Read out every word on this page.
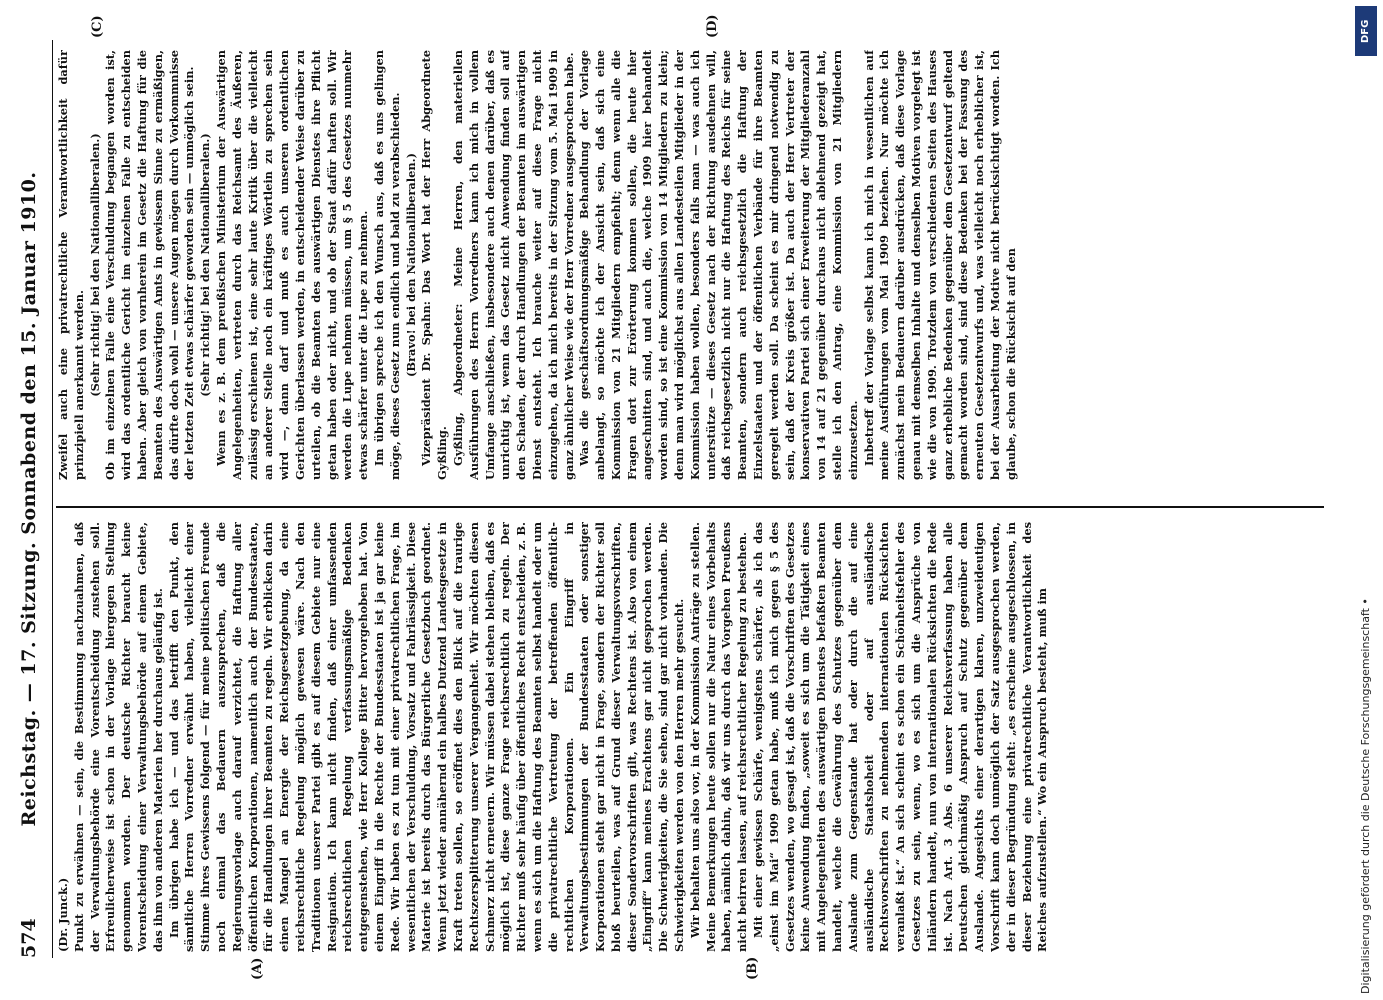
574
Reichstag. — 17. Sitzung. Sonnabend den 15. Januar 1910.
(A)	(B)
(C)	(D)

(Dr. Junck.) Punkt zu erwähnen — sein, die Bestimmung nachzuahmen, daß der Verwaltungsbehörde eine Vorentscheidung zustehen soll. Erfreulicherweise ist schon in der Vorlage hiergegen Stellung genommen worden. Der deutsche Richter braucht keine Vorentscheidung einer Verwaltungsbehörde auf einem Gebiete, das ihm von anderen Materien her durchaus geläufig ist. Im übrigen habe ich — und das betrifft den Punkt, den sämtliche Herren Vorredner erwähnt haben, vielleicht einer Stimme ihres Gewissens folgend — für meine politischen Freunde noch einmal das Bedauern auszusprechen, daß die Regierungsvorlage auch darauf verzichtet, die Haftung aller öffentlichen Korporationen, namentlich auch der Bundesstaaten, für die Handlungen ihrer Beamten zu regeln. Wir erblicken darin einen Mangel an Energie der Reichsgesetzgebung, da eine reichsrechtliche Regelung möglich gewesen wäre. Nach den Traditionen unserer Partei gibt es auf diesem Gebiete nur eine Resignation. Ich kann nicht finden, daß einer umfassenden reichsrechtlichen Regelung verfassungsmäßige Bedenken entgegenstehen, wie Herr Kollege Bitter hervorgehoben hat. Von einem Eingriff in die Rechte der Bundesstaaten ist ja gar keine Rede. Wir haben es zu tun mit einer privatrechtlichen Frage, im wesentlichen der Verschuldung, Vorsatz und Fahrlässigkeit. Diese Materie ist bereits durch das Bürgerliche Gesetzbuch geordnet. Wenn jetzt wieder annähernd ein halbes Dutzend Landesgesetze in Kraft treten sollen, so eröffnet dies den Blick auf die traurige Rechtszersplitterung unserer Vergangenheit. Wir möchten diesen Schmerz nicht erneuern. Wir müssen dabei stehen bleiben, daß es möglich ist, diese ganze Frage reichsrechtlich zu regeln. Der Richter muß sehr häufig über öffentliches Recht entscheiden, z. B. wenn es sich um die Haftung des Beamten selbst handelt oder um die privatrechtliche Vertretung der betreffenden öffentlich-rechtlichen Korporationen. Ein Eingriff in Verwaltungsbestimmungen der Bundesstaaten oder sonstiger Korporationen steht gar nicht in Frage, sondern der Richter soll bloß beurteilen, was auf Grund dieser Verwaltungsvorschriften, dieser Sondervorschriften gilt, was Rechtens ist. Also von einem „Eingriff“ kann meines Erachtens gar nicht gesprochen werden. Die Schwierigkeiten, die Sie sehen, sind gar nicht vorhanden. Die Schwierigkeiten werden von den Herren mehr gesucht. Wir behalten uns also vor, in der Kommission Anträge zu stellen. Meine Bemerkungen heute sollen nur die Natur eines Vorbehalts haben, nämlich dahin, daß wir uns durch das Vorgehen Preußens nicht beirren lassen, auf reichsrechtlicher Regelung zu bestehen. Mit einer gewissen Schärfe, wenigstens schärfer, als ich das „einst im Mai“ 1909 getan habe, muß ich mich gegen § 5 des Gesetzes wenden, wo gesagt ist, daß die Vorschriften des Gesetzes keine Anwendung finden, „soweit es sich um die Tätigkeit eines mit Angelegenheiten des auswärtigen Dienstes befaßten Beamten handelt, welche die Gewährung des Schutzes gegenüber dem Auslande zum Gegenstande hat oder durch die auf eine ausländische Staatshoheit oder auf ausländische Rechtsvorschriften zu nehmenden internationalen Rücksichten veranlaßt ist.“ An sich scheint es schon ein Schönheitsfehler des Gesetzes zu sein, wenn, wo es sich um die Ansprüche von Inländern handelt, nun von internationalen Rücksichten die Rede ist. Nach Art. 3 Abs. 6 unserer Reichsverfassung haben alle Deutschen gleichmäßig Anspruch auf Schutz gegenüber dem Auslande. Angesichts einer derartigen klaren, unzweideutigen Vorschrift kann doch unmöglich der Satz ausgesprochen werden, der in dieser Begründung steht: „es erscheine ausgeschlossen, in dieser Beziehung eine privatrechtliche Verantwortlichkeit des Reiches aufzustellen.“ Wo ein Anspruch besteht, muß im

Zweifel auch eine privatrechtliche Verantwortlichkeit dafür prinzipiell anerkannt werden. (Sehr richtig! bei den Nationalliberalen.) Ob im einzelnen Falle eine Verschuldung begangen worden ist, wird das ordentliche Gericht im einzelnen Falle zu entscheiden haben. Aber gleich von vornherein im Gesetz die Haftung für die Beamten des Auswärtigen Amts in gewissem Sinne zu ermäßigen, das dürfte doch wohl — unsere Augen mögen durch Vorkommnisse der letzten Zeit etwas schärfer geworden sein — unmöglich sein. (Sehr richtig! bei den Nationalliberalen.) Wenn es z. B. dem preußischen Ministerium der Auswärtigen Angelegenheiten, vertreten durch das Reichsamt des Äußeren, zulässig erschienen ist, eine sehr laute Kritik über die vielleicht an anderer Stelle noch ein kräftiges Wörtlein zu sprechen sein wird —, dann darf und muß es auch unseren ordentlichen Gerichten überlassen werden, in entscheidender Weise darüber zu urteilen, ob die Beamten des auswärtigen Dienstes ihre Pflicht getan haben oder nicht, und ob der Staat dafür haften soll. Wir werden die Lupe nehmen müssen, um § 5 des Gesetzes nunmehr etwas schärfer unter die Lupe zu nehmen. Im übrigen spreche ich den Wunsch aus, daß es uns gelingen möge, dieses Gesetz nun endlich und bald zu verabschieden. (Bravo! bei den Nationalliberalen.) Vizepräsident Dr. Spahn: Das Wort hat der Herr Abgeordnete Gyßling. Gyßling, Abgeordneter: Meine Herren, den materiellen Ausführungen des Herrn Vorredners kann ich mich in vollem Umfange anschließen, insbesondere auch denen darüber, daß es unrichtig ist, wenn das Gesetz nicht Anwendung finden soll auf den Schaden, der durch Handlungen der Beamten im auswärtigen Dienst entsteht. Ich brauche weiter auf diese Frage nicht einzugehen, da ich mich bereits in der Sitzung vom 5. Mai 1909 in ganz ähnlicher Weise wie der Herr Vorredner ausgesprochen habe. Was die geschäftsordnungsmäßige Behandlung der Vorlage anbelangt, so möchte ich der Ansicht sein, daß sich eine Kommission von 21 Mitgliedern empfiehlt; denn wenn alle die Fragen dort zur Erörterung kommen sollen, die heute hier angeschnitten sind, und auch die, welche 1909 hier behandelt worden sind, so ist eine Kommission von 14 Mitgliedern zu klein; denn man wird möglichst aus allen Landesteilen Mitglieder in der Kommission haben wollen, besonders falls man — was auch ich unterstütze — dieses Gesetz nach der Richtung ausdehnen will, daß reichsgesetzlich nicht nur die Haftung des Reichs für seine Beamten, sondern auch reichsgesetzlich die Haftung der Einzelstaaten und der öffentlichen Verbände für ihre Beamten geregelt werden soll. Da scheint es mir dringend notwendig zu sein, daß der Kreis größer ist. Da auch der Herr Vertreter der konservativen Partei sich einer Erweiterung der Mitgliederanzahl von 14 auf 21 gegenüber durchaus nicht ablehnend gezeigt hat, stelle ich den Antrag, eine Kommission von 21 Mitgliedern einzusetzen. Inbetreff der Vorlage selbst kann ich mich in wesentlichen auf meine Ausführungen vom Mai 1909 beziehen. Nur möchte ich zunächst mein Bedauern darüber ausdrücken, daß diese Vorlage genau mit demselben Inhalte und denselben Motiven vorgelegt ist wie die von 1909. Trotzdem von verschiedenen Seiten des Hauses ganz erhebliche Bedenken gegenüber dem Gesetzentwurf geltend gemacht worden sind, sind diese Bedenken bei der Fassung des erneuten Gesetzentwurfs und, was vielleicht noch erheblicher ist, bei der Ausarbeitung der Motive nicht berücksichtigt worden. Ich glaube, schon die Rücksicht auf den

DFG
Digitalisierung gefördert durch die Deutsche Forschungsgemeinschaft •
